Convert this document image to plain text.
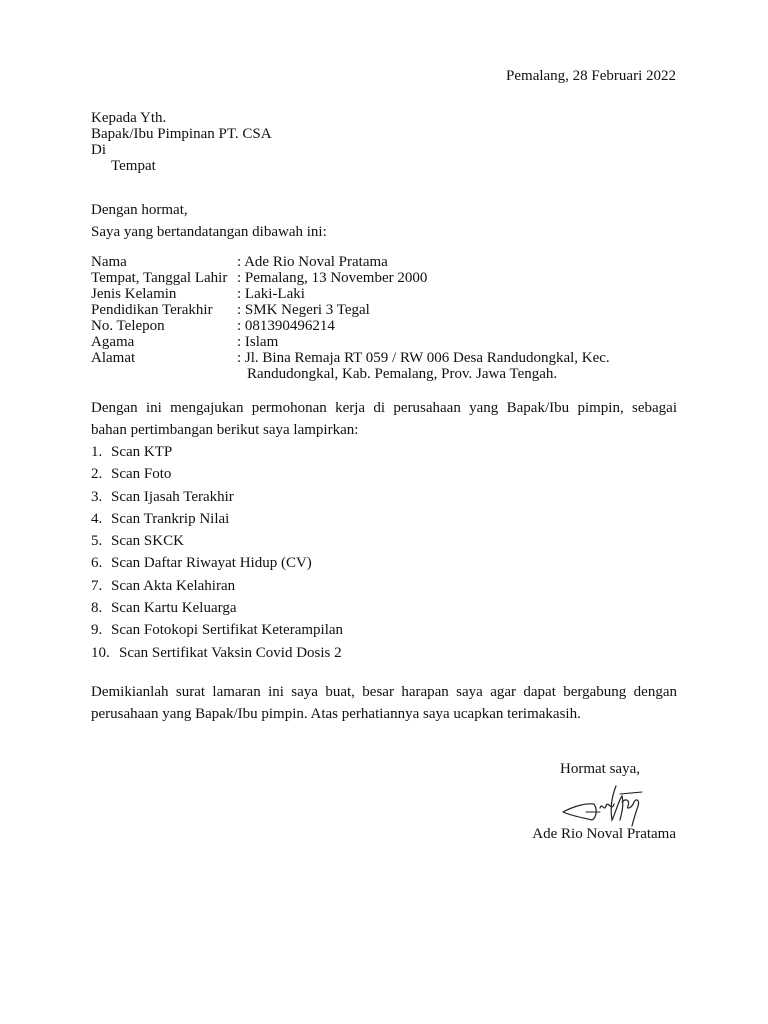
Pemalang, 28 Februari 2022
Kepada Yth.
Bapak/Ibu Pimpinan PT. CSA
Di
Tempat
Dengan hormat,
Saya yang bertandatangan dibawah ini:
Nama	: Ade Rio Noval Pratama
Tempat, Tanggal Lahir : Pemalang, 13 November 2000
Jenis Kelamin	: Laki-Laki
Pendidikan Terakhir	: SMK Negeri 3 Tegal
No. Telepon	: 081390496214
Agama	: Islam
Alamat	: Jl. Bina Remaja RT 059 / RW 006 Desa Randudongkal, Kec.
Randudongkal, Kab. Pemalang, Prov. Jawa Tengah.
Dengan ini mengajukan permohonan kerja di perusahaan yang Bapak/Ibu pimpin, sebagai
bahan pertimbangan berikut saya lampirkan:
1. Scan KTP
2. Scan Foto
3. Scan Ijasah Terakhir
4. Scan Trankrip Nilai
5. Scan SKCK
6. Scan Daftar Riwayat Hidup (CV)
7. Scan Akta Kelahiran
8. Scan Kartu Keluarga
9. Scan Fotokopi Sertifikat Keterampilan
10. Scan Sertifikat Vaksin Covid Dosis 2
Demikianlah surat lamaran ini saya buat, besar harapan saya agar dapat bergabung dengan
perusahaan yang Bapak/Ibu pimpin. Atas perhatiannya saya ucapkan terimakasih.
Hormat saya,
Ade Rio Noval Pratama
